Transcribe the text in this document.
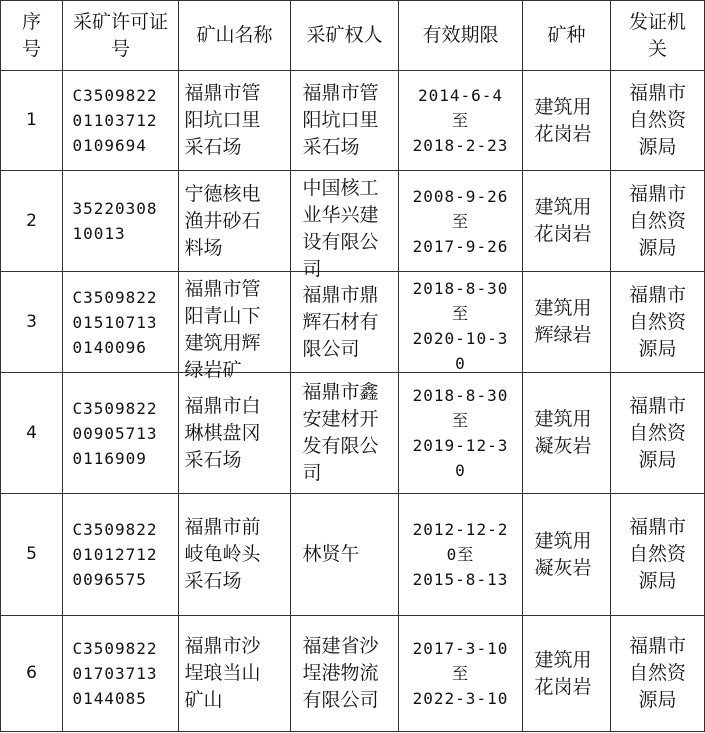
序
号	采矿许可证
号	矿山名称	采矿权人	有效期限	矿种	发证机
关

1	C3509822
01103712
0109694	福鼎市管
阳坑口里
采石场	福鼎市管
阳坑口里
采石场	2014-6-4
至
2018-2-23	建筑用
花岗岩	福鼎市
自然资
源局

2	35220308
10013	宁德核电
渔井砂石
料场	中国核工
业华兴建
设有限公
司	2008-9-26
至
2017-9-26	建筑用
花岗岩	福鼎市
自然资
源局

3	C3509822
01510713
0140096	福鼎市管
阳青山下
建筑用辉
绿岩矿	福鼎市鼎
辉石材有
限公司	2018-8-30
至
2020-10-3
0	建筑用
辉绿岩	福鼎市
自然资
源局

4	C3509822
00905713
0116909	福鼎市白
琳棋盘冈
采石场	福鼎市鑫
安建材开
发有限公
司	2018-8-30
至
2019-12-3
0	建筑用
凝灰岩	福鼎市
自然资
源局

5	C3509822
01012712
0096575	福鼎市前
岐龟岭头
采石场	林贤午	2012-12-2
0至
2015-8-13	建筑用
凝灰岩	福鼎市
自然资
源局

6	C3509822
01703713
0144085	福鼎市沙
埕琅当山
矿山	福建省沙
埕港物流
有限公司	2017-3-10
至
2022-3-10	建筑用
花岗岩	福鼎市
自然资
源局
